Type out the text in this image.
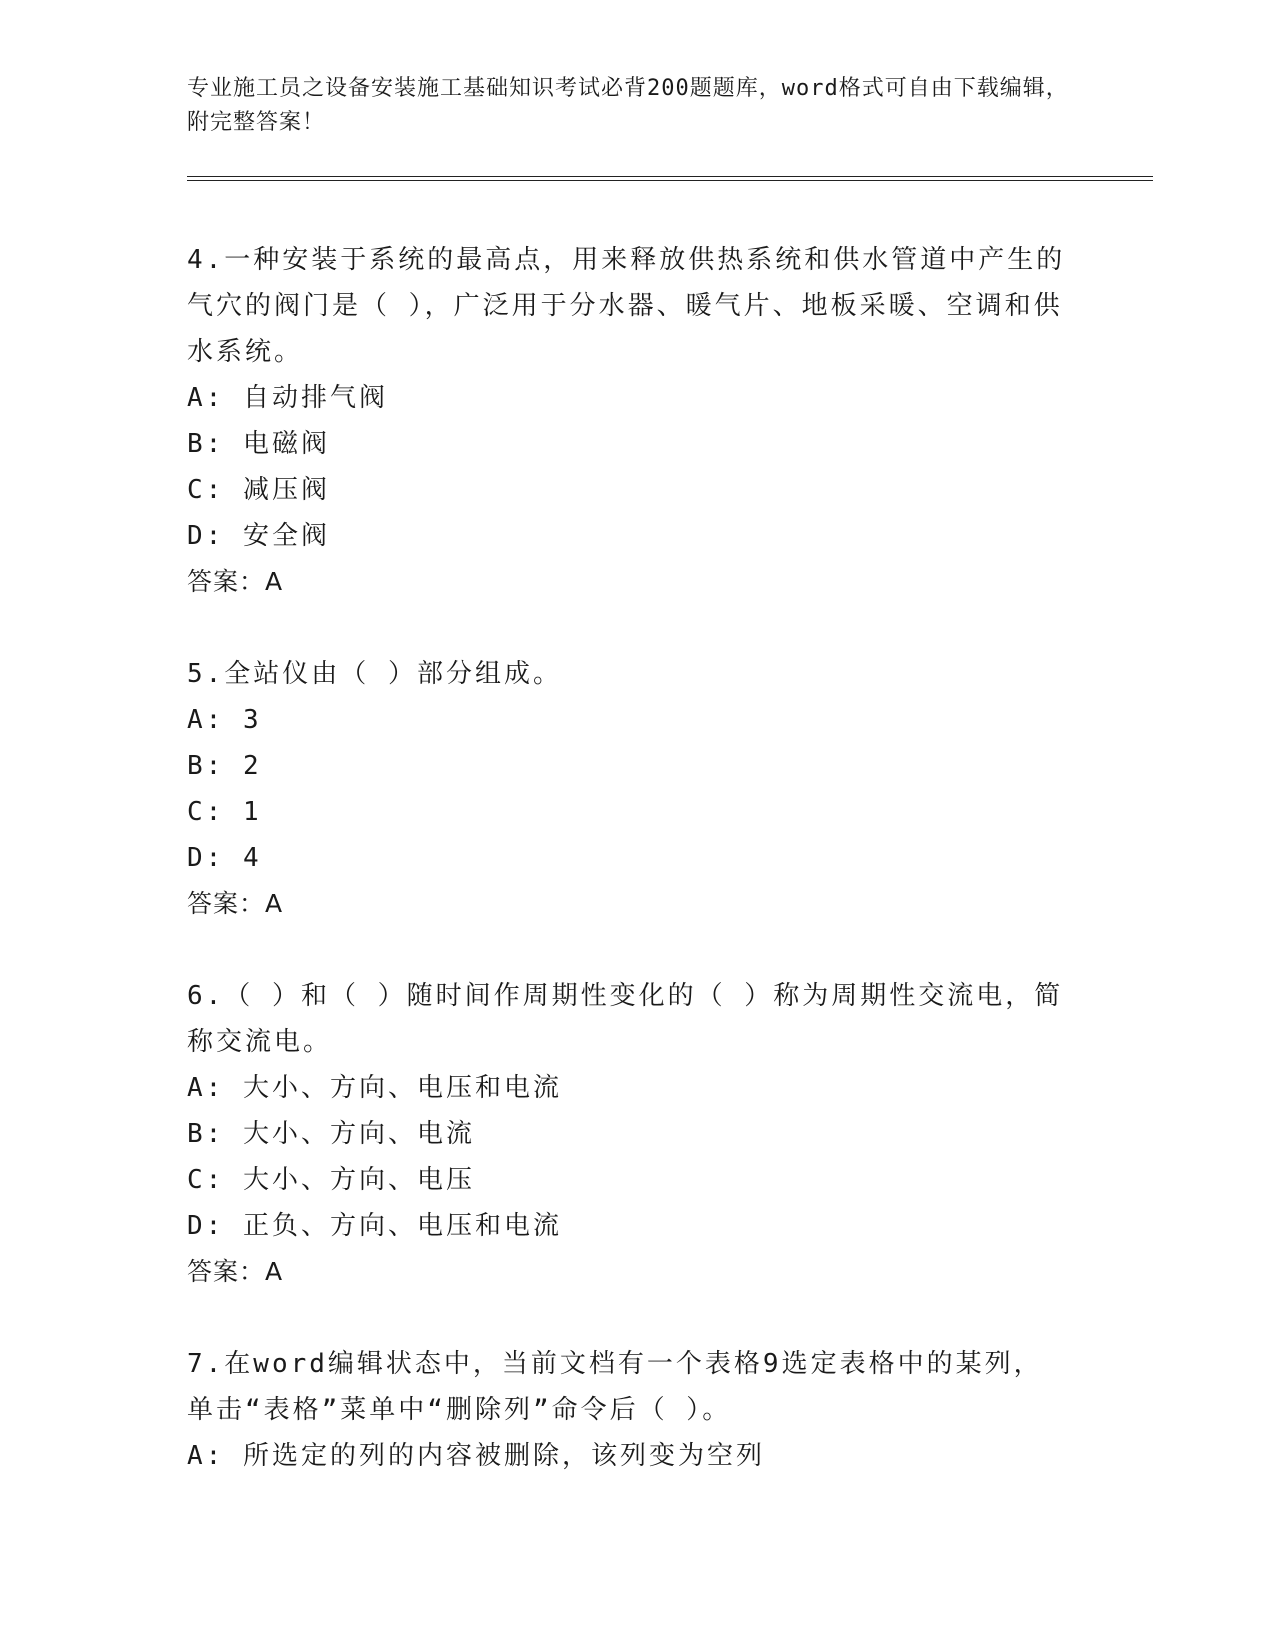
专业施工员之设备安装施工基础知识考试必背200题题库，word格式可自由下载编辑，附完整答案！
4.一种安装于系统的最高点，用来释放供热系统和供水管道中产生的气穴的阀门是（ ），广泛用于分水器、暖气片、地板采暖、空调和供水系统。
A: 自动排气阀
B: 电磁阀
C: 减压阀
D: 安全阀
答案：A
5.全站仪由（ ）部分组成。
A: 3
B: 2
C: 1
D: 4
答案：A
6.（ ）和（ ）随时间作周期性变化的（ ）称为周期性交流电，简称交流电。
A: 大小、方向、电压和电流
B: 大小、方向、电流
C: 大小、方向、电压
D: 正负、方向、电压和电流
答案：A
7.在word编辑状态中，当前文档有一个表格9选定表格中的某列，单击“表格”菜单中“删除列”命令后（ ）。
A: 所选定的列的内容被删除，该列变为空列
